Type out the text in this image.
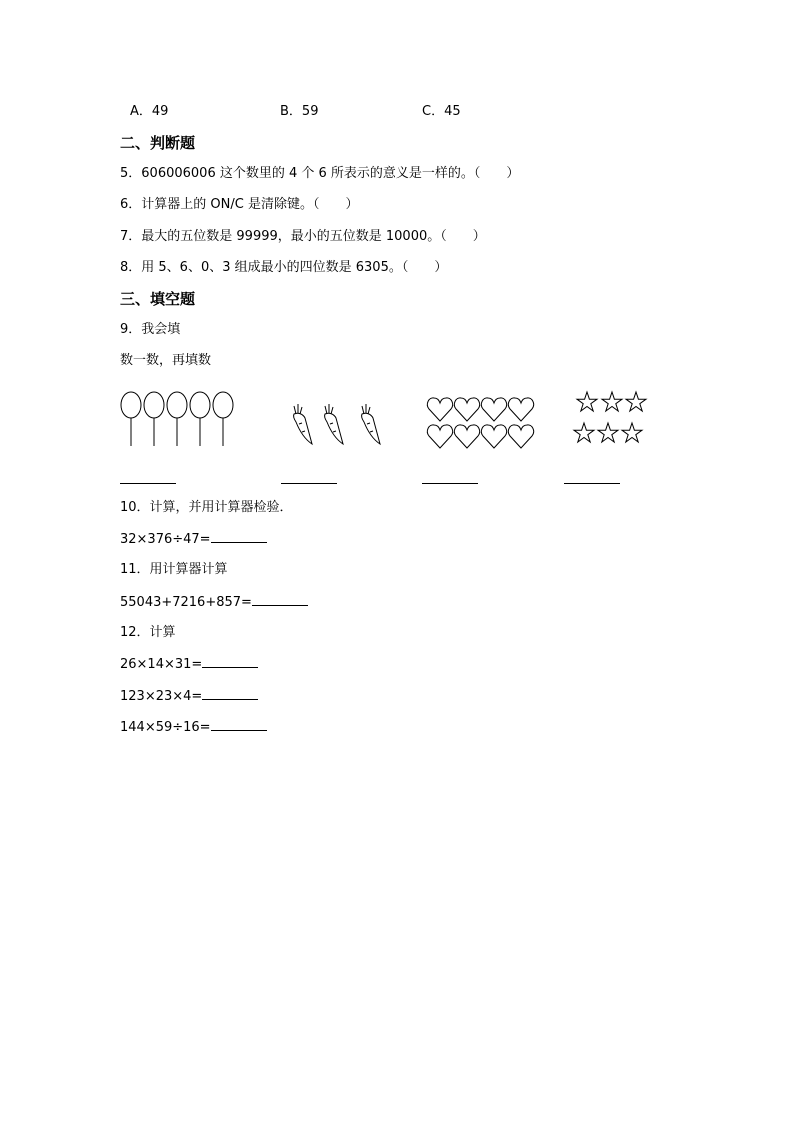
A．49	B．59	C．45
二、判断题
5．606006006 这个数里的 4 个 6 所表示的意义是一样的。（　　）
6．计算器上的 ON/C 是清除键。（　　）
7．最大的五位数是 99999，最小的五位数是 10000。（　　）
8．用 5、6、0、3 组成最小的四位数是 6305。（　　）
三、填空题
9．我会填
数一数，再填数
10．计算，并用计算器检验．
32×376÷47=
11．用计算器计算
55043+7216+857=
12．计算
26×14×31=
123×23×4=
144×59÷16=
